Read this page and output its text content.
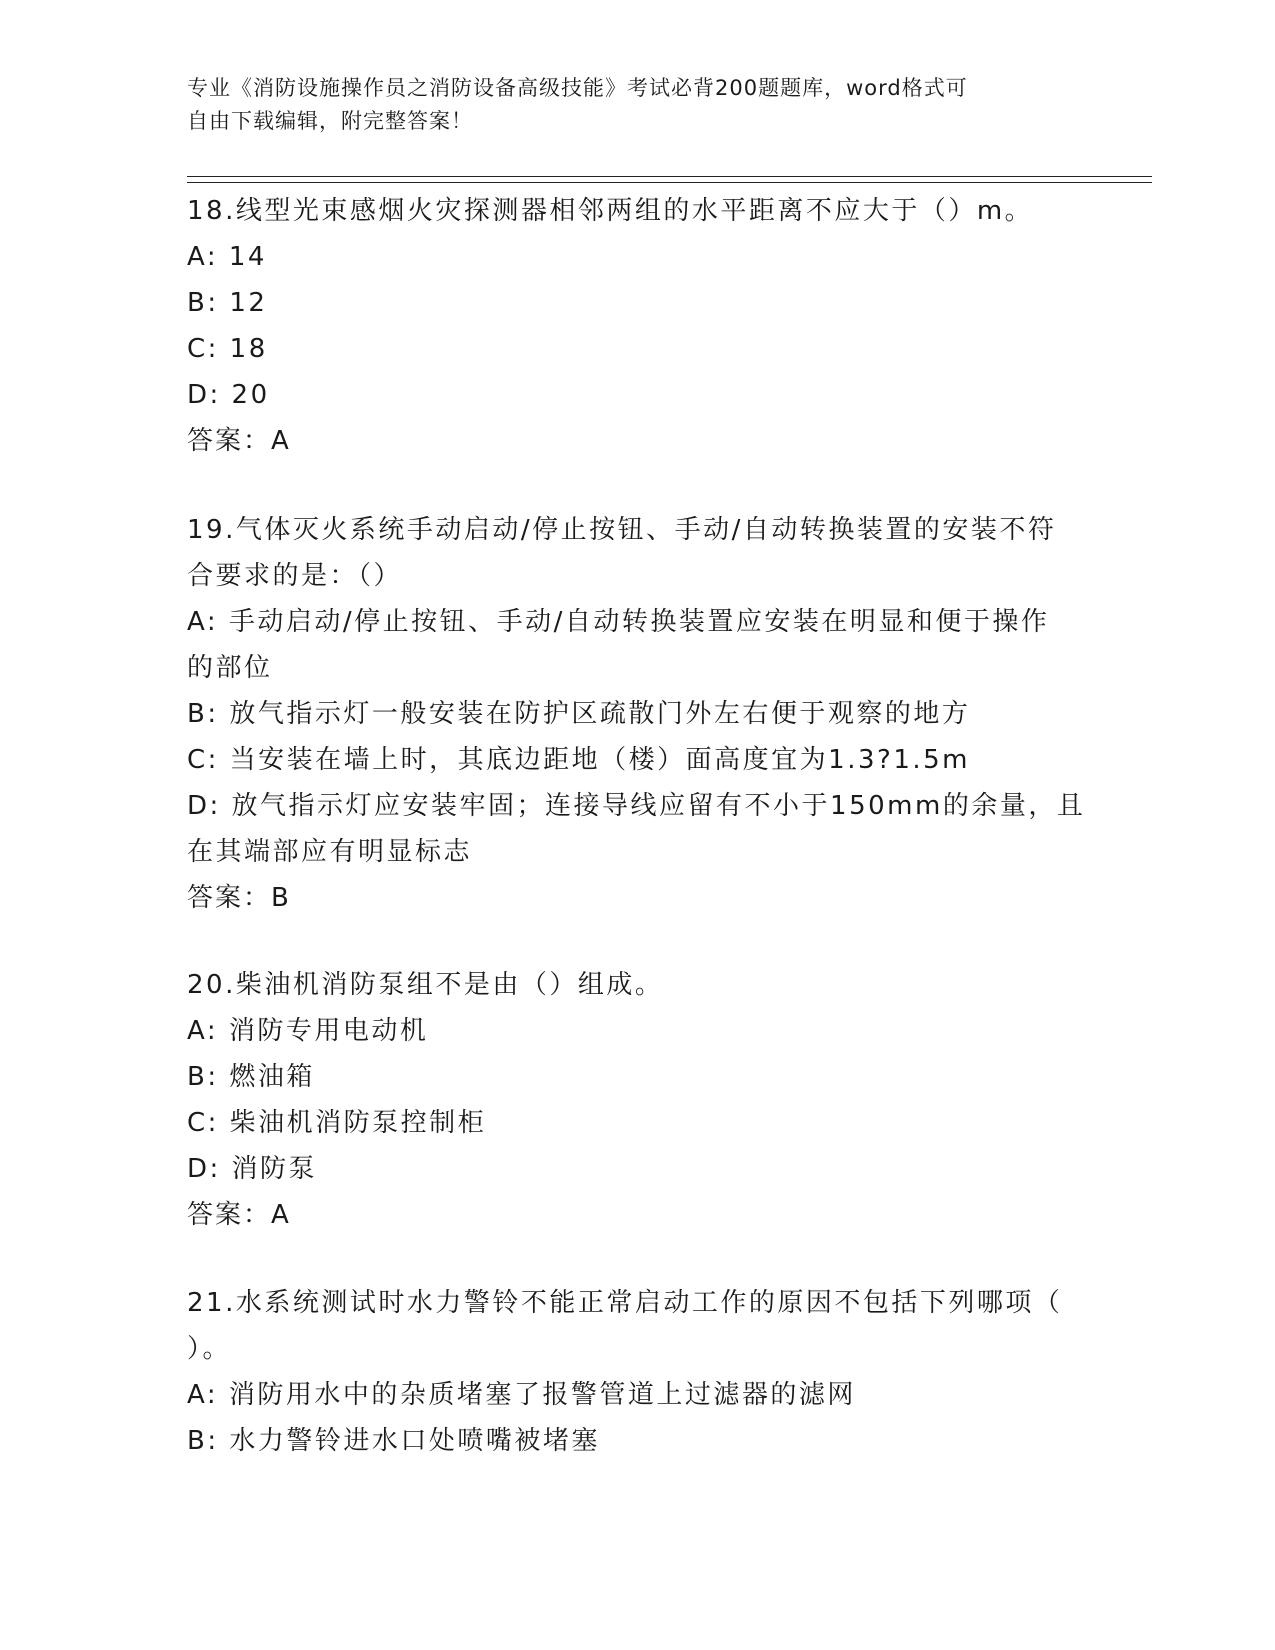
专业《消防设施操作员之消防设备高级技能》考试必背200题题库，word格式可
自由下载编辑，附完整答案！
18.线型光束感烟火灾探测器相邻两组的水平距离不应大于（）m。
A: 14
B: 12
C: 18
D: 20
答案：A
19.气体灭火系统手动启动/停止按钮、手动/自动转换装置的安装不符
合要求的是：（）
A: 手动启动/停止按钮、手动/自动转换装置应安装在明显和便于操作
的部位
B: 放气指示灯一般安装在防护区疏散门外左右便于观察的地方
C: 当安装在墙上时，其底边距地（楼）面高度宜为1.3?1.5m
D: 放气指示灯应安装牢固；连接导线应留有不小于150mm的余量，且
在其端部应有明显标志
答案：B
20.柴油机消防泵组不是由（）组成。
A: 消防专用电动机
B: 燃油箱
C: 柴油机消防泵控制柜
D: 消防泵
答案：A
21.水系统测试时水力警铃不能正常启动工作的原因不包括下列哪项（
）。
A: 消防用水中的杂质堵塞了报警管道上过滤器的滤网
B: 水力警铃进水口处喷嘴被堵塞
